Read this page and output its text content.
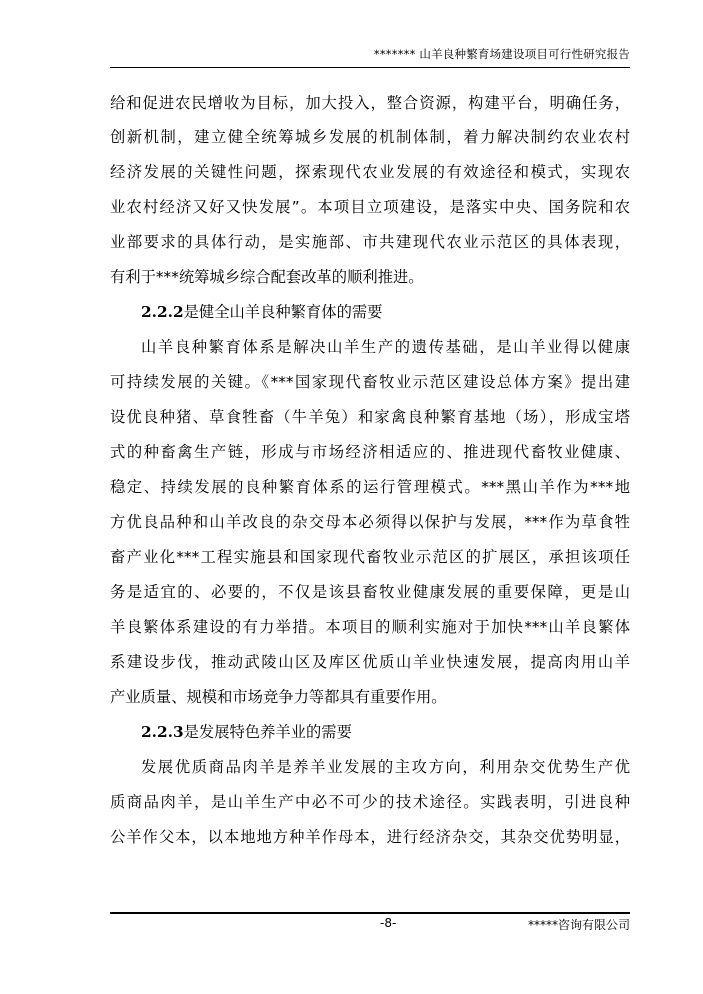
******* 山羊良种繁育场建设项目可行性研究报告
给和促进农民增收为目标，加大投入，整合资源，构建平台，明确任务，
创新机制，建立健全统筹城乡发展的机制体制，着力解决制约农业农村
经济发展的关键性问题，探索现代农业发展的有效途径和模式，实现农
业农村经济又好又快发展”。本项目立项建设，是落实中央、国务院和农
业部要求的具体行动，是实施部、市共建现代农业示范区的具体表现，
有利于***统筹城乡综合配套改革的顺利推进。
2.2.2是健全山羊良种繁育体的需要
山羊良种繁育体系是解决山羊生产的遗传基础，是山羊业得以健康
可持续发展的关键。《***国家现代畜牧业示范区建设总体方案》提出建
设优良种猪、草食牲畜（牛羊兔）和家禽良种繁育基地（场），形成宝塔
式的种畜禽生产链，形成与市场经济相适应的、推进现代畜牧业健康、
稳定、持续发展的良种繁育体系的运行管理模式。***黑山羊作为***地
方优良品种和山羊改良的杂交母本必须得以保护与发展，***作为草食牲
畜产业化***工程实施县和国家现代畜牧业示范区的扩展区，承担该项任
务是适宜的、必要的，不仅是该县畜牧业健康发展的重要保障，更是山
羊良繁体系建设的有力举措。本项目的顺利实施对于加快***山羊良繁体
系建设步伐，推动武陵山区及库区优质山羊业快速发展，提高肉用山羊
产业质量、规模和市场竞争力等都具有重要作用。
2.2.3是发展特色养羊业的需要
发展优质商品肉羊是养羊业发展的主攻方向，利用杂交优势生产优
质商品肉羊，是山羊生产中必不可少的技术途径。实践表明，引进良种
公羊作父本，以本地地方种羊作母本，进行经济杂交，其杂交优势明显，
-8-	*****咨询有限公司
